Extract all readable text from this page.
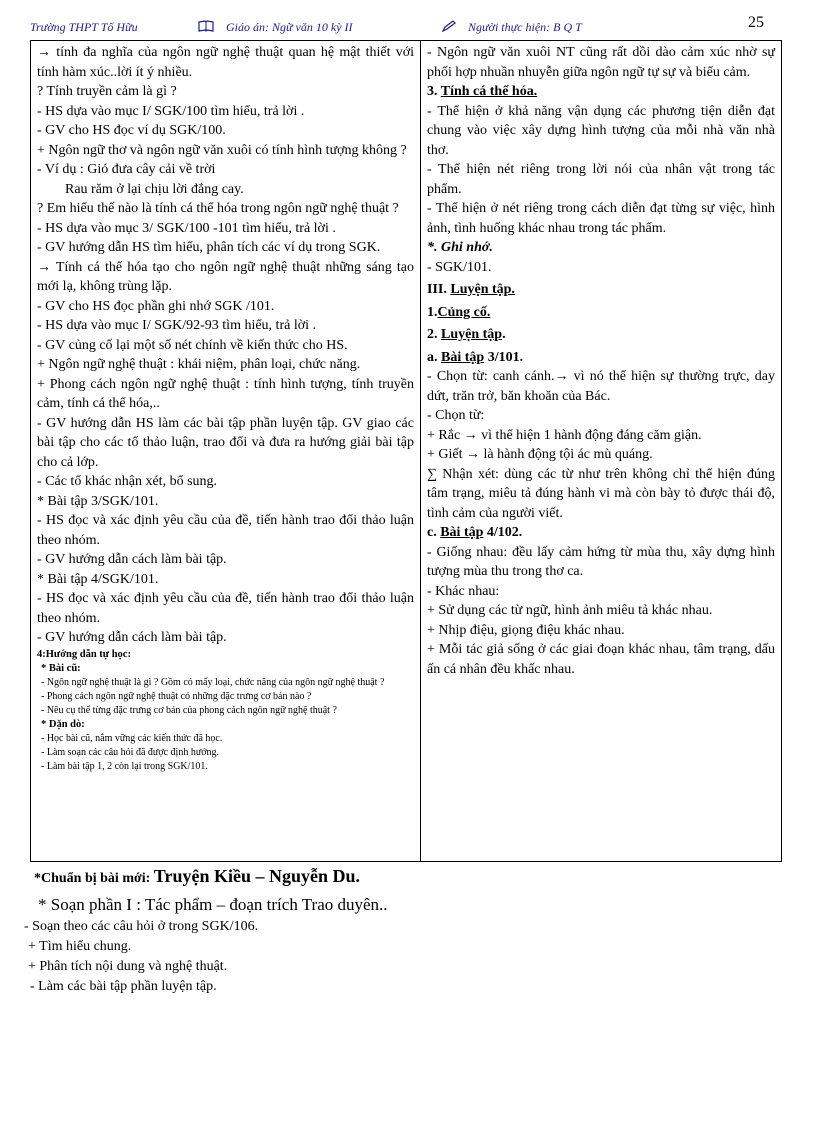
Trường THPT Tố Hữu	Giáo án: Ngữ văn 10 kỳ II	Người thực hiện: B Q T	25

→ tính đa nghĩa của ngôn ngữ nghệ thuật quan hệ mật thiết với tính hàm xúc..lời ít ý nhiều.

? Tính truyền cảm là gì ?

- HS dựa vào mục I/ SGK/100 tìm hiểu, trả lời .

- GV cho HS đọc ví dụ SGK/100.

+ Ngôn ngữ thơ và ngôn ngữ văn xuôi có tính hình tượng không ?

- Ví dụ : Gió đưa cây cải về trời

Rau răm ở lại chịu lời đắng cay.

? Em hiểu thế nào là tính cá thể hóa trong ngôn ngữ nghệ thuật ?

- HS dựa vào mục 3/ SGK/100 -101 tìm hiểu, trả lời .

- GV hướng dẫn HS tìm hiểu, phân tích các ví dụ trong SGK.

→ Tính cá thể hóa tạo cho ngôn ngữ nghệ thuật những sáng tạo mới lạ, không trùng lặp.

- GV cho HS đọc phần ghi nhớ SGK /101.

- HS dựa vào mục I/ SGK/92-93 tìm hiểu, trả lời .

- GV củng cố lại một số nét chính về kiến thức cho HS.

+ Ngôn ngữ nghệ thuật : khái niệm, phân loại, chức năng.

+ Phong cách ngôn ngữ nghệ thuật : tính hình tượng, tính truyền cảm, tính cá thể hóa,..

- GV hướng dẫn HS làm các bài tập phần luyện tập. GV giao các bài tập cho các tổ thảo luận, trao đổi và đưa ra hướng giải bài tập cho cả lớp.

- Các tổ khác nhận xét, bổ sung.

* Bài tập 3/SGK/101.

- HS đọc và xác định yêu cầu của đề, tiến hành trao đổi thảo luận theo nhóm.

- GV hướng dẫn cách làm bài tập.

* Bài tập 4/SGK/101.

- HS đọc và xác định yêu cầu của đề, tiến hành trao đổi thảo luận theo nhóm.

- GV hướng dẫn cách làm bài tập.

4:Hướng dẫn tự học:

* Bài cũ:

- Ngôn ngữ nghệ thuật là gì ? Gồm có mấy loại, chức năng của ngôn ngữ nghệ thuật ?

- Phong cách ngôn ngữ nghệ thuật có những đặc trưng cơ bản nào ?

- Nêu cụ thể từng đặc trưng cơ bản của phong cách ngôn ngữ nghệ thuật ?

* Dặn dò:

- Học bài cũ, nắm vững các kiến thức đã học.

- Làm soạn các câu hỏi đã được định hướng.

- Làm bài tập 1, 2 còn lại trong SGK/101.

- Ngôn ngữ văn xuôi NT cũng rất dồi dào cảm xúc nhờ sự phối hợp nhuần nhuyễn giữa ngôn ngữ tự sự và biểu cảm.

3. Tính cá thể hóa.

- Thể hiện ở khả năng vận dụng các phương tiện diễn đạt chung vào việc xây dựng hình tượng của mỗi nhà văn nhà thơ.

- Thể hiện nét riêng trong lời nói của nhân vật trong tác phẩm.

- Thể hiện ở nét riêng trong cách diễn đạt từng sự việc, hình ảnh, tình huống khác nhau trong tác phẩm.

*. Ghi nhớ.

- SGK/101.

III. Luyện tập.

1.Củng cố.

2. Luyện tập.

a. Bài tập 3/101.

- Chọn từ: canh cánh.→ vì nó thể hiện sự thường trực, day dứt, trăn trở, băn khoăn của Bác.

- Chọn từ:

+ Rắc → vì thể hiện 1 hành động đáng căm giận.

+ Giết → là hành động tội ác mù quáng.

∑ Nhận xét: dùng các từ như trên không chỉ thể hiện đúng tâm trạng, miêu tả đúng hành vi mà còn bày tỏ được thái độ, tình cảm của người viết.

c. Bài tập 4/102.

- Giống nhau: đều lấy cảm hứng từ mùa thu, xây dựng hình tượng mùa thu trong thơ ca.

- Khác nhau:

+ Sử dụng các từ ngữ, hình ảnh miêu tả khác nhau.

+ Nhịp điệu, giọng điệu khác nhau.

+ Mỗi tác giả sống ở các giai đoạn khác nhau, tâm trạng, dấu ấn cá nhân đều khấc nhau.

*Chuẩn bị bài mới: Truyện Kiều – Nguyễn Du.

* Soạn phần I : Tác phẩm – đoạn trích Trao duyên..

- Soạn theo các câu hỏi ở trong SGK/106.

+ Tìm hiểu chung.

+ Phân tích nội dung và nghệ thuật.

- Làm các bài tập phần luyện tập.
